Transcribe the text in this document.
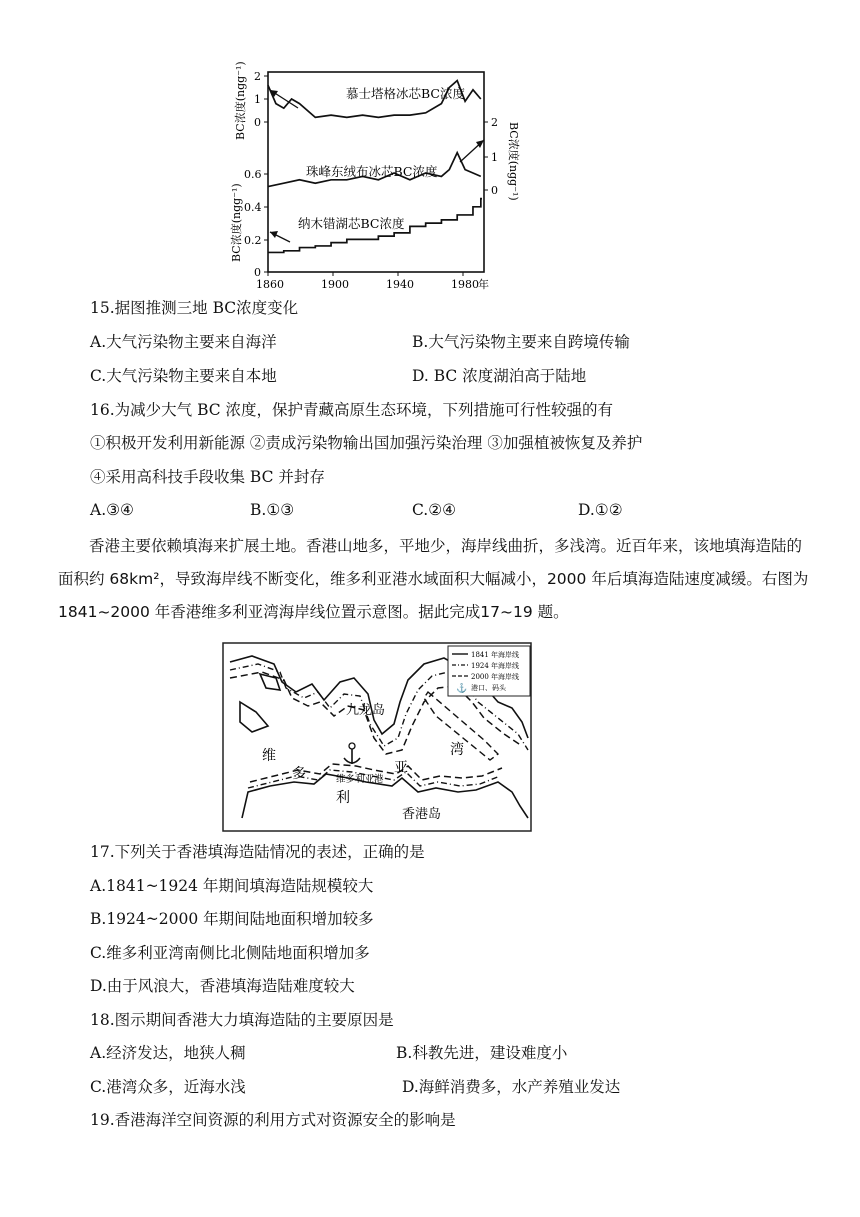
2
1
0
BC浓度(ngg⁻¹)	2
1
0 BC浓度(ngg⁻¹)
0.6
0.4
0.2
0
BC浓度(ngg⁻¹)
1860	1900	1940	1980 年
慕士塔格冰芯BC浓度
珠峰东绒布冰芯BC浓度
纳木错湖芯BC浓度
15.据图推测三地 BC浓度变化
A.大气污染物主要来自海洋	B.大气污染物主要来自跨境传输
C.大气污染物主要来自本地	D. BC 浓度湖泊高于陆地
16.为减少大气 BC 浓度，保护青藏高原生态环境，下列措施可行性较强的有
①积极开发利用新能源 ②责成污染物输出国加强污染治理 ③加强植被恢复及养护
④采用高科技手段收集 BC 并封存
A.③④	B.①③	C.②④	D.①②
香港主要依赖填海来扩展土地。香港山地多，平地少，海岸线曲折，多浅湾。近百年来，该地填海造陆的面积约 68km²，导致海岸线不断变化，维多利亚港水域面积大幅减小，2000 年后填海造陆速度减缓。右图为 1841~2000 年香港维多利亚湾海岸线位置示意图。据此完成17~19 题。
九龙岛
香港岛
维多利亚港
维
多
利
亚
湾
1841 年海岸线
1924 年海岸线
2000 年海岸线
⚓ 港口、码头
17.下列关于香港填海造陆情况的表述，正确的是
A.1841~1924 年期间填海造陆规模较大
B.1924~2000 年期间陆地面积增加较多
C.维多利亚湾南侧比北侧陆地面积增加多
D.由于风浪大，香港填海造陆难度较大
18.图示期间香港大力填海造陆的主要原因是
A.经济发达，地狭人稠	B.科教先进，建设难度小
C.港湾众多，近海水浅	D.海鲜消费多，水产养殖业发达
19.香港海洋空间资源的利用方式对资源安全的影响是
